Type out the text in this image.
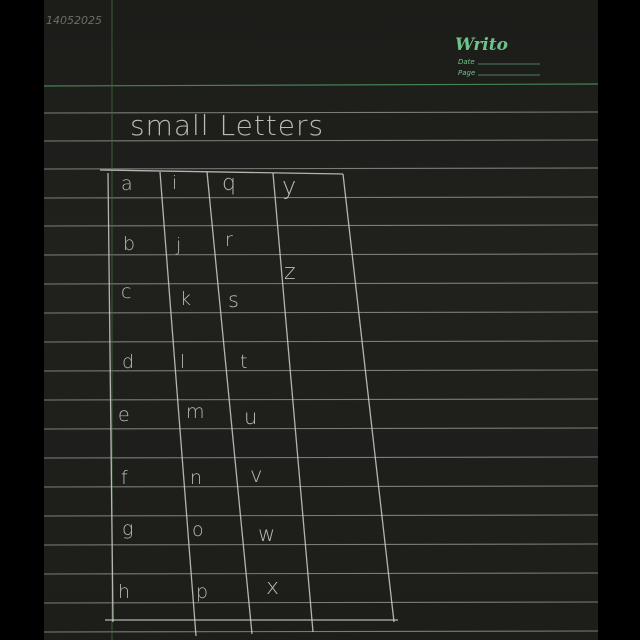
14052025
Writo
Date
Page
small Letters
a
b
c
d
e
f
g
h
i
j
k
l
m
n
o
p
q
r
s
t
u
v
w
x
y
z
